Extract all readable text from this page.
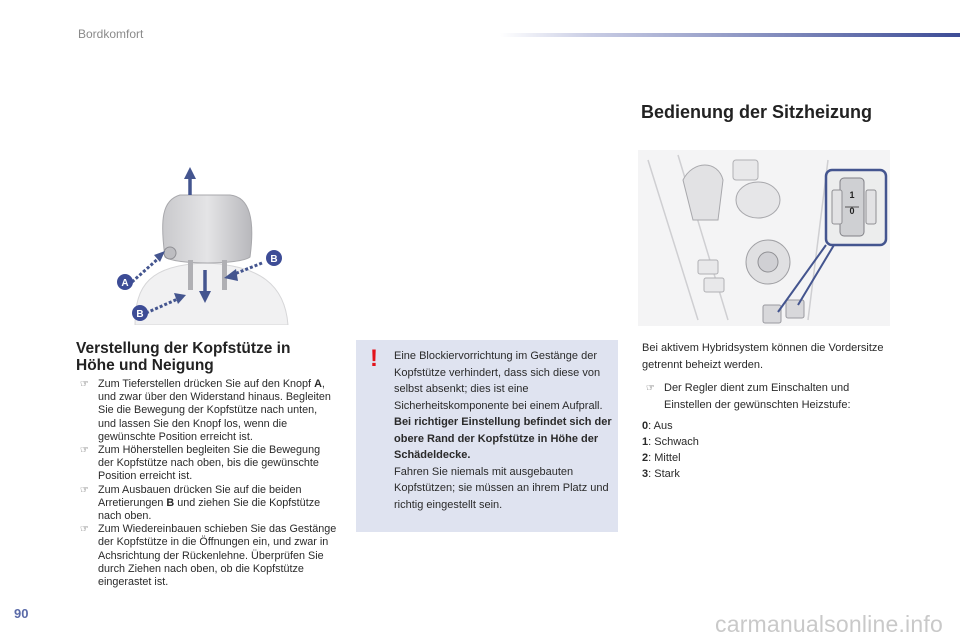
Bordkomfort
A
B
B
1
0
Verstellung der Kopfstütze in
Höhe und Neigung
☞ Zum Tieferstellen drücken Sie auf den Knopf A, und zwar über den Widerstand hinaus. Begleiten Sie die Bewegung der Kopfstütze nach unten, und lassen Sie den Knopf los, wenn die gewünschte Position erreicht ist.
☞ Zum Höherstellen begleiten Sie die Bewegung der Kopfstütze nach oben, bis die gewünschte Position erreicht ist.
☞ Zum Ausbauen drücken Sie auf die beiden Arretierungen B und ziehen Sie die Kopfstütze nach oben.
☞ Zum Wiedereinbauen schieben Sie das Gestänge der Kopfstütze in die Öffnungen ein, und zwar in Achsrichtung der Rückenlehne. Überprüfen Sie durch Ziehen nach oben, ob die Kopfstütze eingerastet ist.
!	Eine Blockiervorrichtung im Gestänge der Kopfstütze verhindert, dass sich diese von selbst absenkt; dies ist eine Sicherheitskomponente bei einem Aufprall.
Bei richtiger Einstellung befindet sich der obere Rand der Kopfstütze in Höhe der Schädeldecke.
Fahren Sie niemals mit ausgebauten Kopfstützen; sie müssen an ihrem Platz und richtig eingestellt sein.
Bedienung der Sitzheizung
Bei aktivem Hybridsystem können die Vordersitze getrennt beheizt werden.
☞ Der Regler dient zum Einschalten und Einstellen der gewünschten Heizstufe:
0: Aus
1: Schwach
2: Mittel
3: Stark
90	carmanualsonline.info
